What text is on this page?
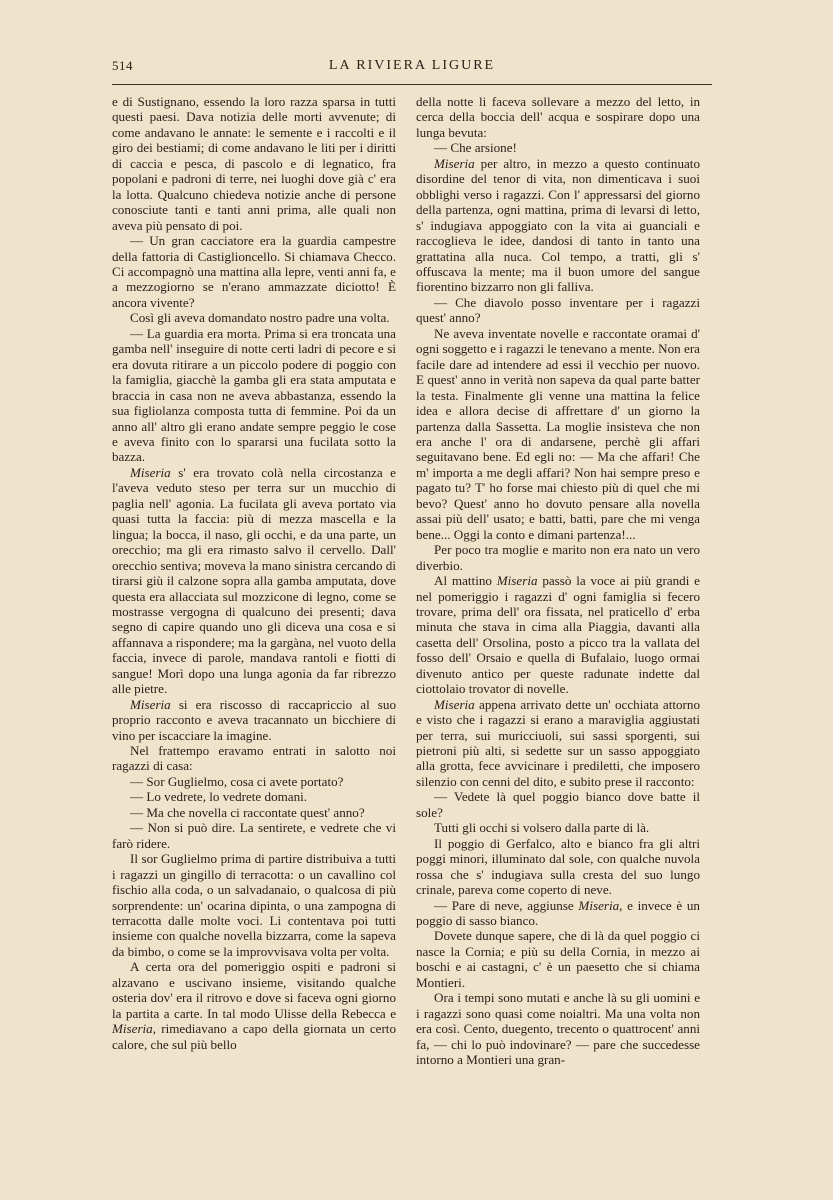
514	LA RIVIERA LIGURE

e di Sustignano, essendo la loro razza sparsa in tutti questi paesi. Dava notizia delle morti avvenute; di come andavano le annate: le semente e i raccolti e il giro dei bestiami; di come andavano le liti per i diritti di caccia e pesca, di pascolo e di legnatico, fra popolani e padroni di terre, nei luoghi dove già c' era la lotta. Qualcuno chiedeva notizie anche di persone conosciute tanti e tanti anni prima, alle quali non aveva più pensato di poi.

— Un gran cacciatore era la guardia campestre della fattoria di Castiglioncello. Si chiamava Checco. Ci accompagnò una mattina alla lepre, venti anni fa, e a mezzogiorno se n'erano ammazzate diciotto! È ancora vivente?

Così gli aveva domandato nostro padre una volta.

— La guardia era morta. Prima si era troncata una gamba nell' inseguire di notte certi ladri di pecore e si era dovuta ritirare a un piccolo podere di poggio con la famiglia, giacchè la gamba gli era stata amputata e braccia in casa non ne aveva abbastanza, essendo la sua figliolanza composta tutta di femmine. Poi da un anno all' altro gli erano andate sempre peggio le cose e aveva finito con lo spararsi una fucilata sotto la bazza.

Miseria s' era trovato colà nella circostanza e l'aveva veduto steso per terra sur un mucchio di paglia nell' agonia. La fucilata gli aveva portato via quasi tutta la faccia: più di mezza mascella e la lingua; la bocca, il naso, gli occhi, e da una parte, un orecchio; ma gli era rimasto salvo il cervello. Dall' orecchio sentiva; moveva la mano sinistra cercando di tirarsi giù il calzone sopra alla gamba amputata, dove questa era allacciata sul mozzicone di legno, come se mostrasse vergogna di qualcuno dei presenti; dava segno di capire quando uno gli diceva una cosa e si affannava a rispondere; ma la gargàna, nel vuoto della faccia, invece di parole, mandava rantoli e fiotti di sangue! Morì dopo una lunga agonia da far ribrezzo alle pietre.

Miseria si era riscosso di raccapriccio al suo proprio racconto e aveva tracannato un bicchiere di vino per iscacciare la imagine.

Nel frattempo eravamo entrati in salotto noi ragazzi di casa:

— Sor Guglielmo, cosa ci avete portato?

— Lo vedrete, lo vedrete domani.

— Ma che novella ci raccontate quest' anno?

— Non si può dire. La sentirete, e vedrete che vi farò ridere.

Il sor Guglielmo prima di partire distribuiva a tutti i ragazzi un gingillo di terracotta: o un cavallino col fischio alla coda, o un salvadanaio, o qualcosa di più sorprendente: un' ocarina dipinta, o una zampogna di terracotta dalle molte voci. Li contentava poi tutti insieme con qualche novella bizzarra, come la sapeva da bimbo, o come se la improvvisava volta per volta.

A certa ora del pomeriggio ospiti e padroni si alzavano e uscivano insieme, visitando qualche osteria dov' era il ritrovo e dove si faceva ogni giorno la partita a carte. In tal modo Ulisse della Rebecca e Miseria, rimediavano a capo della giornata un certo calore, che sul più bello

della notte li faceva sollevare a mezzo del letto, in cerca della boccia dell' acqua e sospirare dopo una lunga bevuta:

— Che arsione!

Miseria per altro, in mezzo a questo continuato disordine del tenor di vita, non dimenticava i suoi obblighi verso i ragazzi. Con l' appressarsi del giorno della partenza, ogni mattina, prima di levarsi di letto, s' indugiava appoggiato con la vita ai guanciali e raccoglieva le idee, dandosi di tanto in tanto una grattatina alla nuca. Col tempo, a tratti, gli s' offuscava la mente; ma il buon umore del sangue fiorentino bizzarro non gli falliva.

— Che diavolo posso inventare per i ragazzi quest' anno?

Ne aveva inventate novelle e raccontate oramai d' ogni soggetto e i ragazzi le tenevano a mente. Non era facile dare ad intendere ad essi il vecchio per nuovo. E quest' anno in verità non sapeva da qual parte batter la testa. Finalmente gli venne una mattina la felice idea e allora decise di affrettare d' un giorno la partenza dalla Sassetta. La moglie insisteva che non era anche l' ora di andarsene, perchè gli affari seguitavano bene. Ed egli no: — Ma che affari! Che m' importa a me degli affari? Non hai sempre preso e pagato tu? T' ho forse mai chiesto più di quel che mi bevo? Quest' anno ho dovuto pensare alla novella assai più dell' usato; e batti, batti, pare che mi venga bene... Oggi la conto e dimani partenza!...

Per poco tra moglie e marito non era nato un vero diverbio.

Al mattino Miseria passò la voce ai più grandi e nel pomeriggio i ragazzi d' ogni famiglia si fecero trovare, prima dell' ora fissata, nel praticello d' erba minuta che stava in cima alla Piaggia, davanti alla casetta dell' Orsolina, posto a picco tra la vallata del fosso dell' Orsaio e quella di Bufalaio, luogo ormai divenuto antico per queste radunate indette dal ciottolaio trovator di novelle.

Miseria appena arrivato dette un' occhiata attorno e visto che i ragazzi si erano a maraviglia aggiustati per terra, sui muricciuoli, sui sassi sporgenti, sui pietroni più alti, si sedette sur un sasso appoggiato alla grotta, fece avvicinare i prediletti, che imposero silenzio con cenni del dito, e subito prese il racconto:

— Vedete là quel poggio bianco dove batte il sole?

Tutti gli occhi si volsero dalla parte di là.

Il poggio di Gerfalco, alto e bianco fra gli altri poggi minori, illuminato dal sole, con qualche nuvola rossa che s' indugiava sulla cresta del suo lungo crinale, pareva come coperto di neve.

— Pare di neve, aggiunse Miseria, e invece è un poggio di sasso bianco.

Dovete dunque sapere, che di là da quel poggio ci nasce la Cornia; e più su della Cornia, in mezzo ai boschi e ai castagni, c' è un paesetto che si chiama Montieri.

Ora i tempi sono mutati e anche là su gli uomini e i ragazzi sono quasi come noialtri. Ma una volta non era così. Cento, duegento, trecento o quattrocent' anni fa, — chi lo può indovinare? — pare che succedesse intorno a Montieri una gran-
